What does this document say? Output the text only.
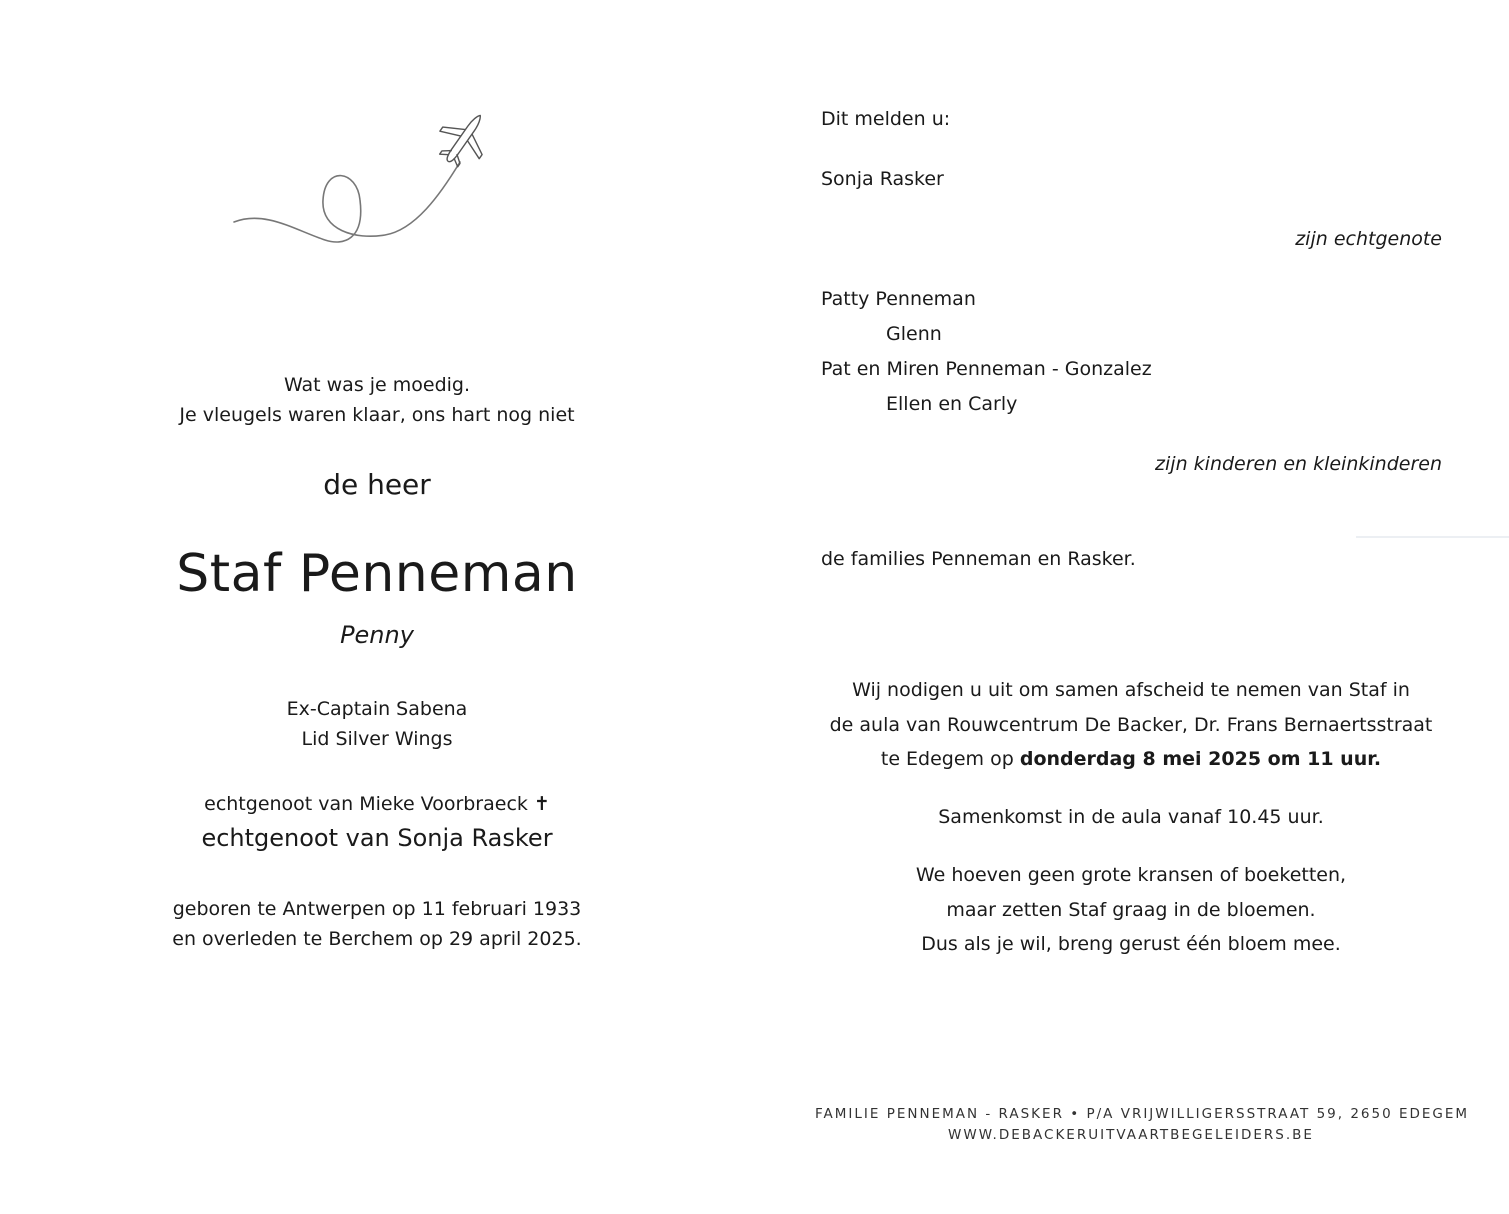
Wat was je moedig.
Je vleugels waren klaar, ons hart nog niet
de heer
Staf Penneman
Penny
Ex-Captain Sabena
Lid Silver Wings
echtgenoot van Mieke Voorbraeck ✝
echtgenoot van Sonja Rasker
geboren te Antwerpen op 11 februari 1933
en overleden te Berchem op 29 april 2025.
Dit melden u:
Sonja Rasker
zijn echtgenote
Patty Penneman
Glenn
Pat en Miren Penneman - Gonzalez
Ellen en Carly
zijn kinderen en kleinkinderen
de families Penneman en Rasker.
Wij nodigen u uit om samen afscheid te nemen van Staf in
de aula van Rouwcentrum De Backer, Dr. Frans Bernaertsstraat
te Edegem op donderdag 8 mei 2025 om 11 uur.
Samenkomst in de aula vanaf 10.45 uur.
We hoeven geen grote kransen of boeketten,
maar zetten Staf graag in de bloemen.
Dus als je wil, breng gerust één bloem mee.
FAMILIE PENNEMAN - RASKER • P/A VRIJWILLIGERSSTRAAT 59, 2650 EDEGEM
WWW.DEBACKERUITVAARTBEGELEIDERS.BE
